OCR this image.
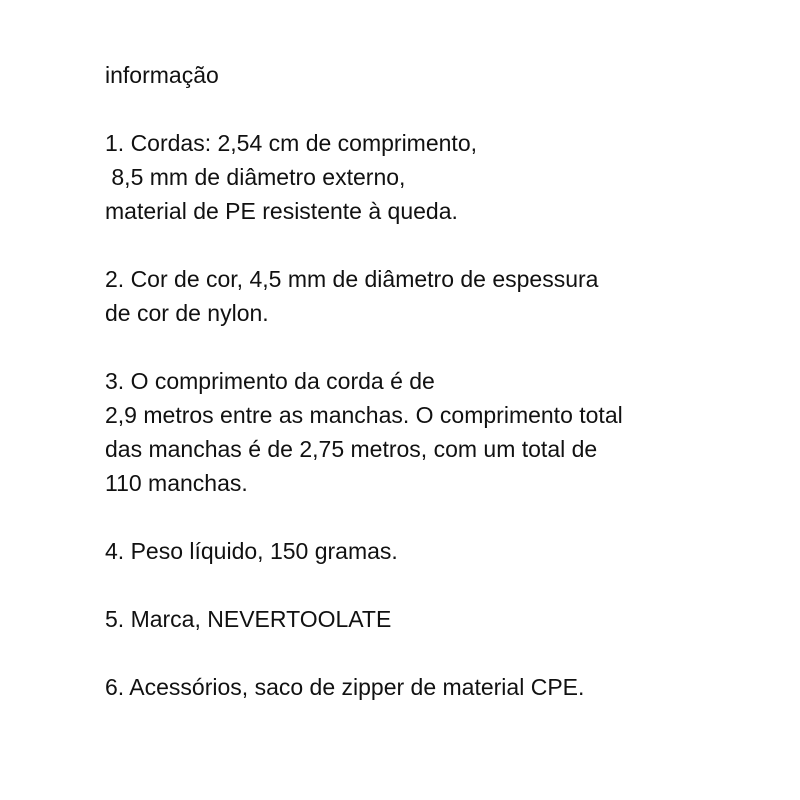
informação
1. Cordas: 2,54 cm de comprimento,
8,5 mm de diâmetro externo,
material de PE resistente à queda.
2. Cor de cor, 4,5 mm de diâmetro de espessura
de cor de nylon.
3. O comprimento da corda é de
2,9 metros entre as manchas. O comprimento total
das manchas é de 2,75 metros, com um total de
110 manchas.
4. Peso líquido, 150 gramas.
5. Marca, NEVERTOOLATE
6. Acessórios, saco de zipper de material CPE.
